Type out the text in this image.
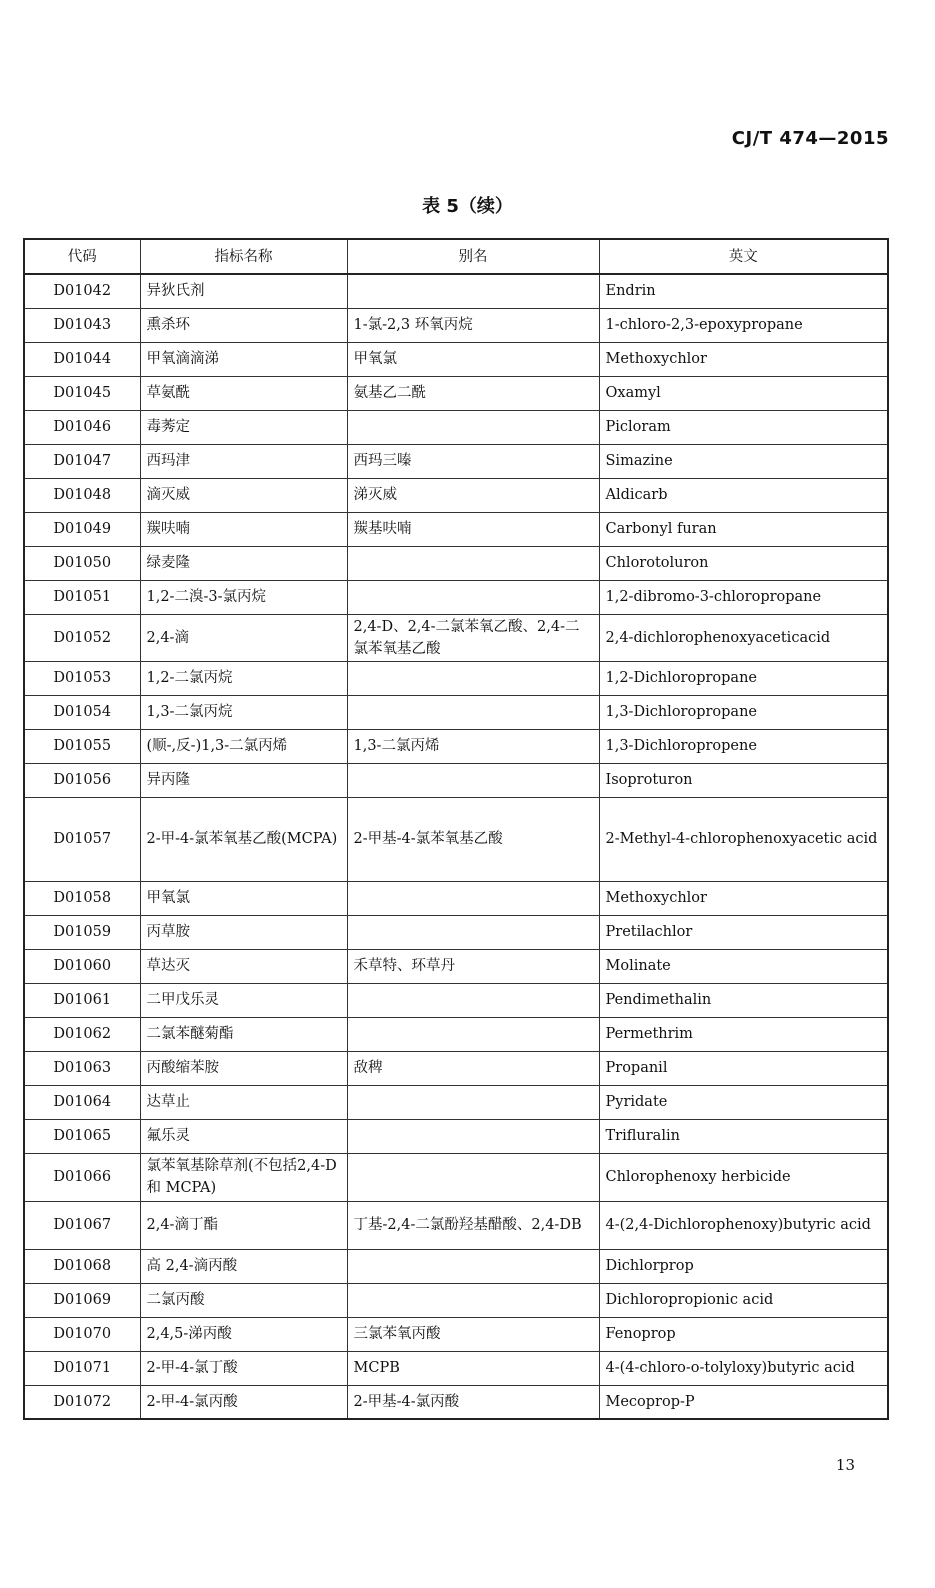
CJ/T 474—2015
表 5（续）
代码	指标名称	别名	英文
D01042	异狄氏剂		Endrin
D01043	熏杀环	1-氯-2,3 环氧丙烷	1-chloro-2,3-epoxypropane
D01044	甲氧滴滴涕	甲氧氯	Methoxychlor
D01045	草氨酰	氨基乙二酰	Oxamyl
D01046	毒莠定		Picloram
D01047	西玛津	西玛三嗪	Simazine
D01048	滴灭威	涕灭威	Aldicarb
D01049	羰呋喃	羰基呋喃	Carbonyl furan
D01050	绿麦隆		Chlorotoluron
D01051	1,2-二溴-3-氯丙烷		1,2-dibromo-3-chloropropane
D01052	2,4-滴	2,4-D、2,4-二氯苯氧乙酸、2,4-二氯苯氧基乙酸	2,4-dichlorophenoxyaceticacid
D01053	1,2-二氯丙烷		1,2-Dichloropropane
D01054	1,3-二氯丙烷		1,3-Dichloropropane
D01055	(顺-,反-)1,3-二氯丙烯	1,3-二氯丙烯	1,3-Dichloropropene
D01056	异丙隆		Isoproturon
D01057	2-甲-4-氯苯氧基乙酸(MCPA)	2-甲基-4-氯苯氧基乙酸	2-Methyl-4-chlorophenoxyacetic acid
D01058	甲氧氯		Methoxychlor
D01059	丙草胺		Pretilachlor
D01060	草达灭	禾草特、环草丹	Molinate
D01061	二甲戊乐灵		Pendimethalin
D01062	二氯苯醚菊酯		Permethrim
D01063	丙酸缩苯胺	敌稗	Propanil
D01064	达草止		Pyridate
D01065	氟乐灵		Trifluralin
D01066	氯苯氧基除草剂(不包括2,4-D 和 MCPA)		Chlorophenoxy herbicide
D01067	2,4-滴丁酯	丁基-2,4-二氯酚羟基醋酸、2,4-DB	4-(2,4-Dichlorophenoxy)butyric acid
D01068	高 2,4-滴丙酸		Dichlorprop
D01069	二氯丙酸		Dichloropropionic acid
D01070	2,4,5-涕丙酸	三氯苯氧丙酸	Fenoprop
D01071	2-甲-4-氯丁酸	MCPB	4-(4-chloro-o-tolyloxy)butyric acid
D01072	2-甲-4-氯丙酸	2-甲基-4-氯丙酸	Mecoprop-P
13
